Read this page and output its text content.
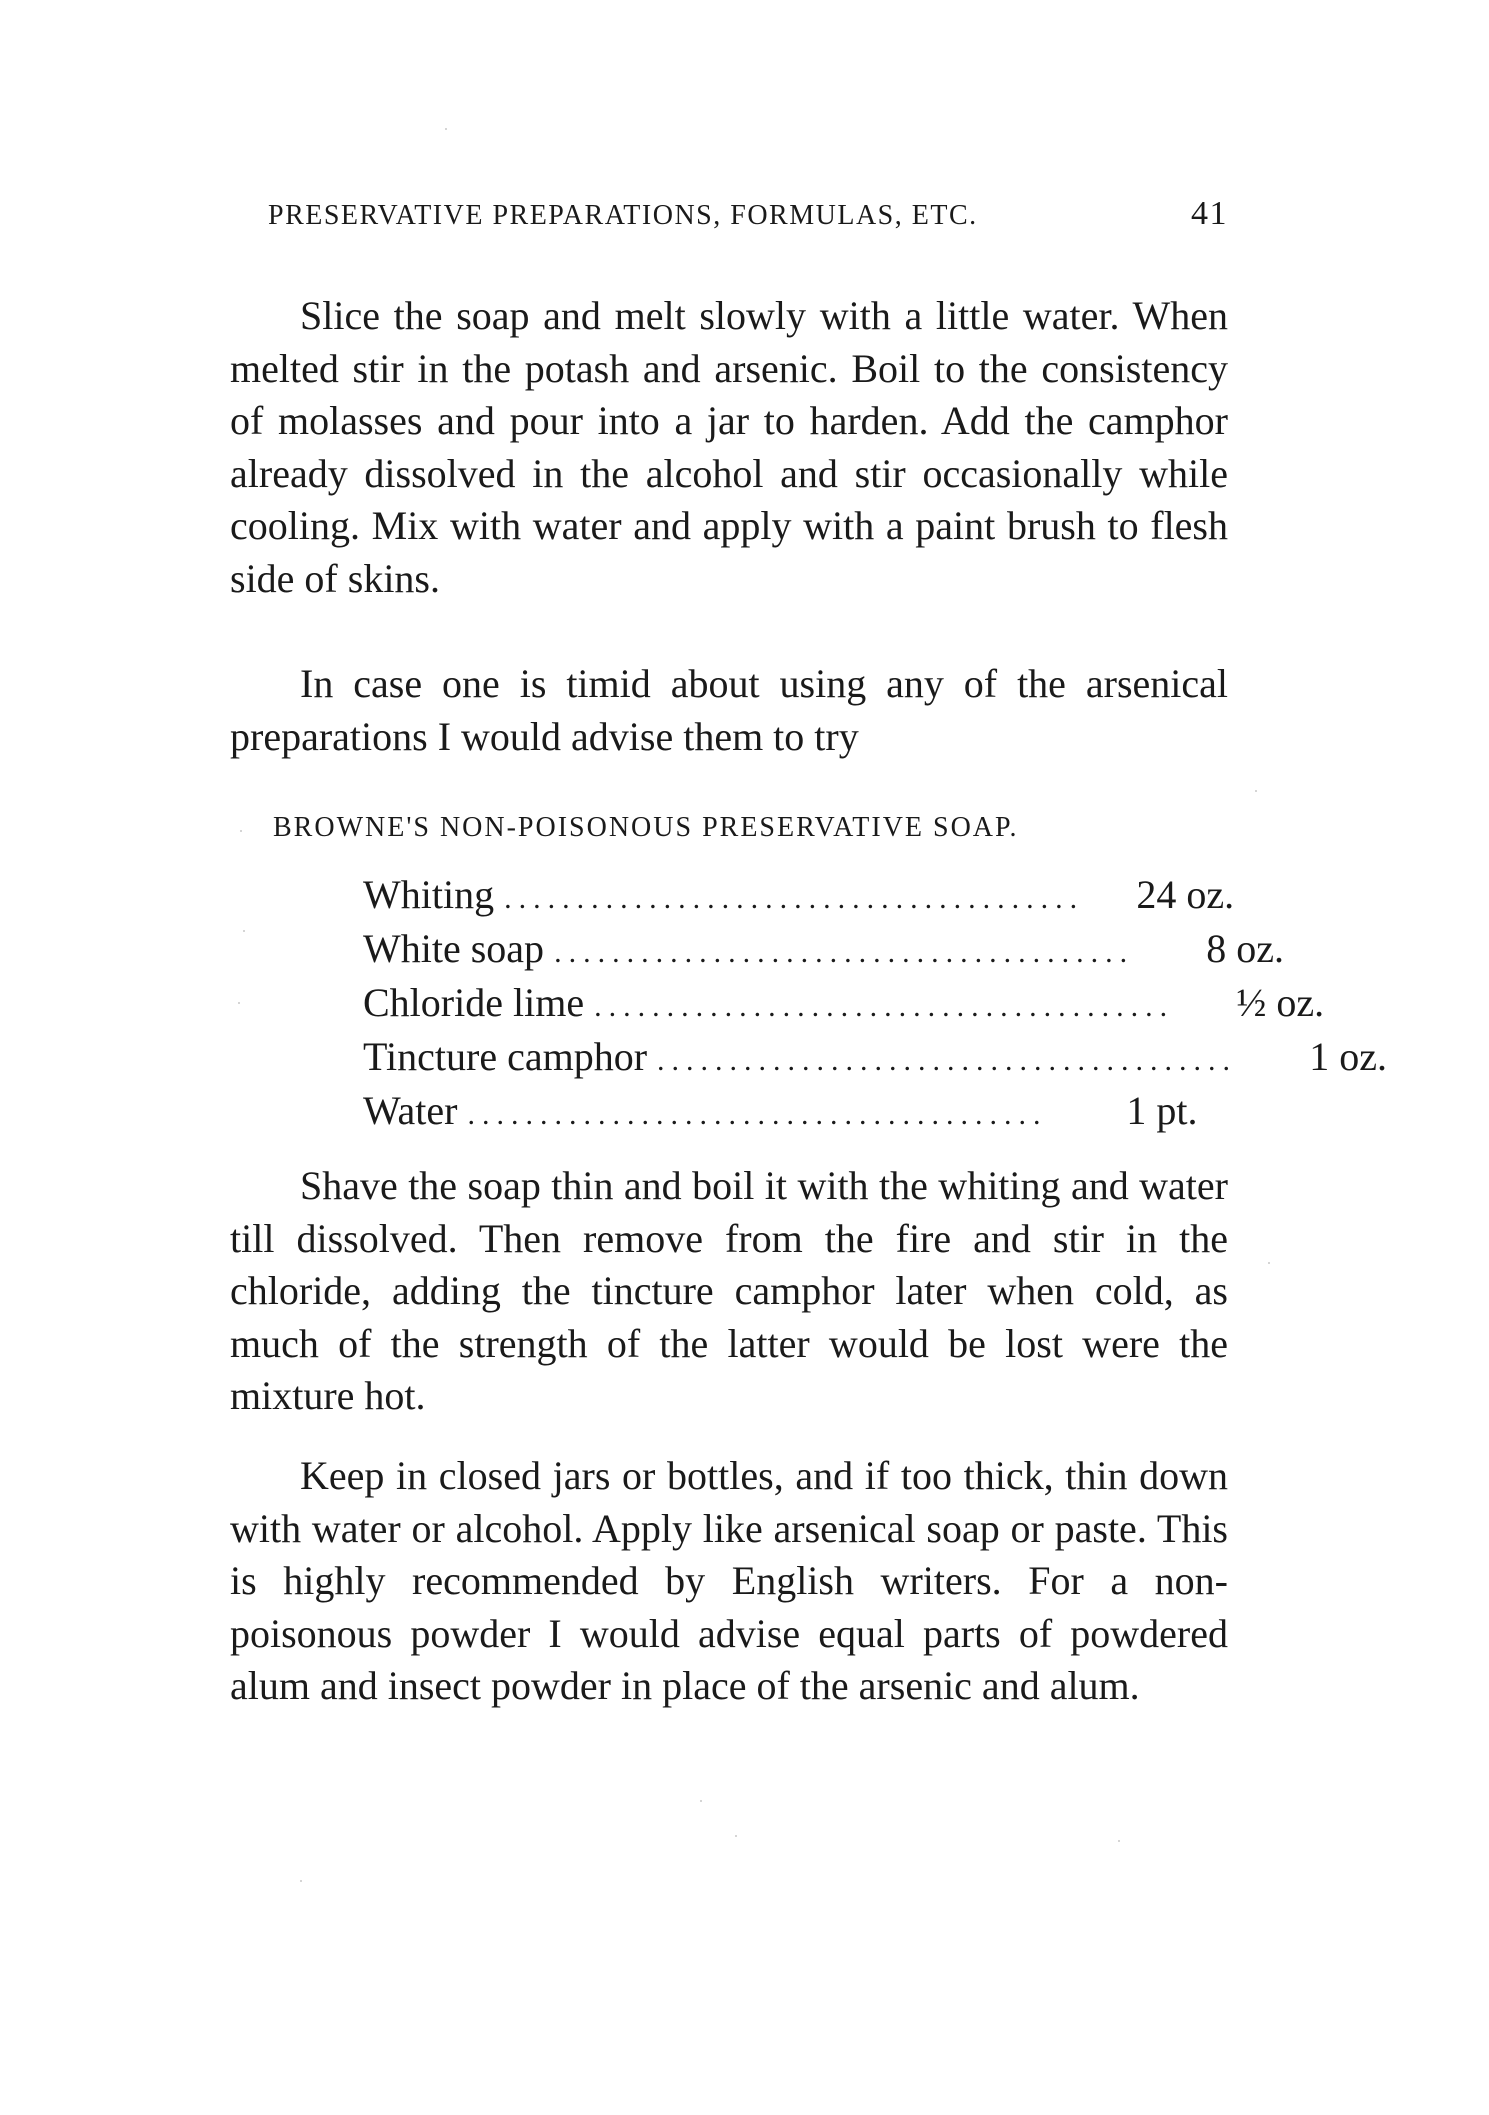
PRESERVATIVE PREPARATIONS, FORMULAS, ETC.	41

Slice the soap and melt slowly with a little water. When melted stir in the potash and arsenic. Boil to the consistency of molasses and pour into a jar to harden. Add the camphor already dissolved in the alcohol and stir occasionally while cooling. Mix with water and apply with a paint brush to flesh side of skins.

In case one is timid about using any of the arsenical preparations I would advise them to try

BROWNE'S NON-POISONOUS PRESERVATIVE SOAP.
Whiting ........................................	24 oz.
White soap ........................................	8 oz.
Chloride lime ........................................	½ oz.
Tincture camphor ........................................	1 oz.
Water ........................................	1 pt.

Shave the soap thin and boil it with the whiting and water till dissolved. Then remove from the fire and stir in the chloride, adding the tincture camphor later when cold, as much of the strength of the latter would be lost were the mixture hot.

Keep in closed jars or bottles, and if too thick, thin down with water or alcohol. Apply like arsenical soap or paste. This is highly recommended by English writers. For a non-poisonous powder I would advise equal parts of powdered alum and insect powder in place of the arsenic and alum.
